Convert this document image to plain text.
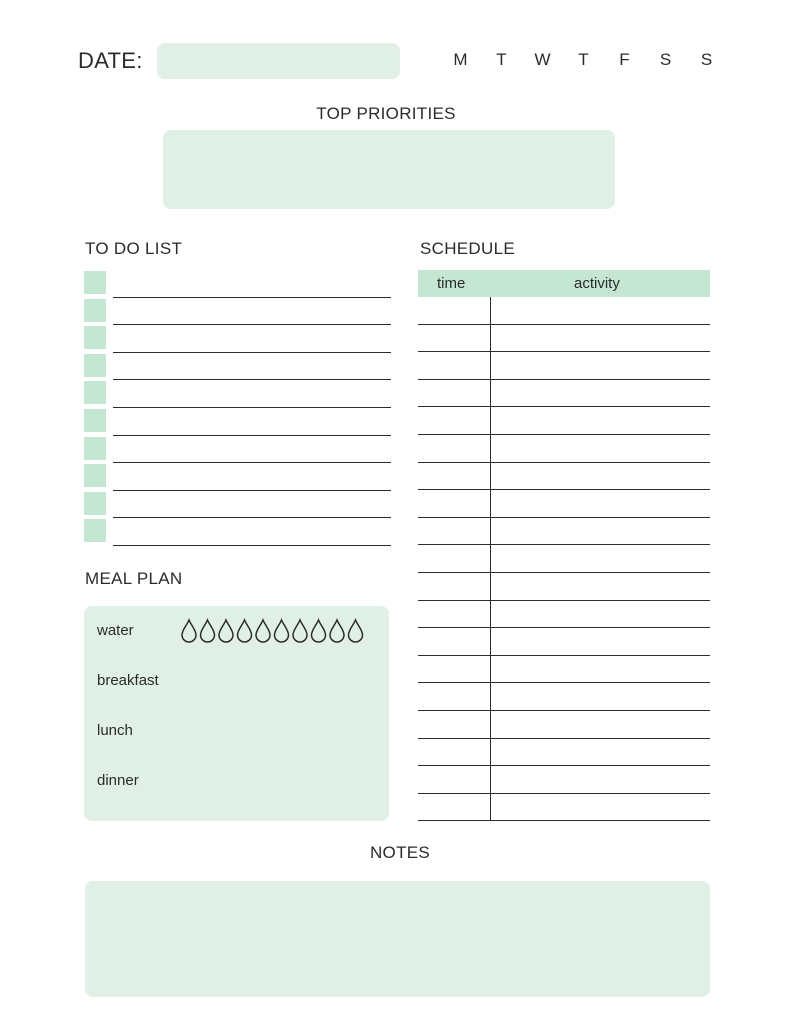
DATE:	M	T	W	T	F	S	S
TOP PRIORITIES
TO DO LIST	SCHEDULE
time	activity
MEAL PLAN
water
breakfast
lunch
dinner
NOTES
